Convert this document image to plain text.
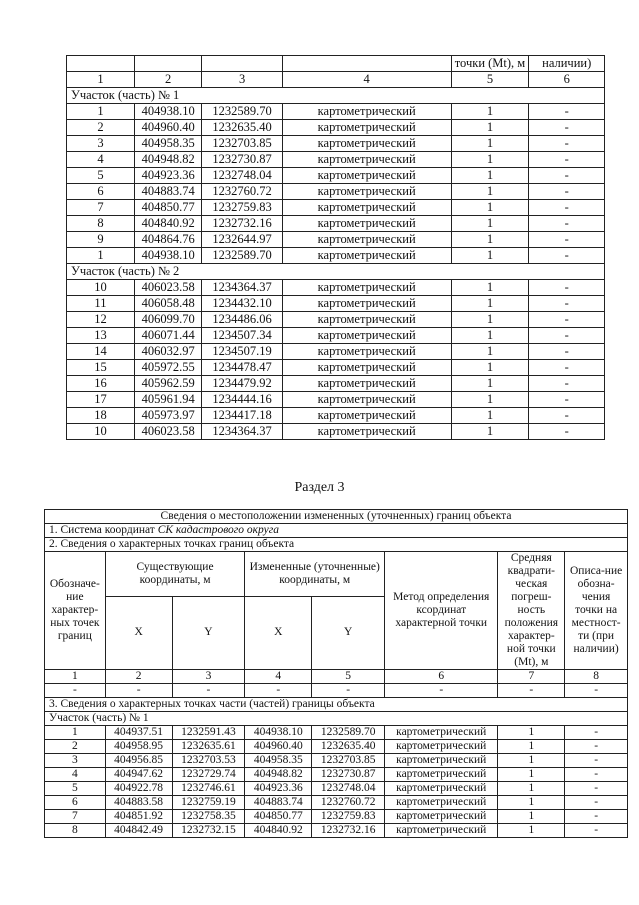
				точки (Mt), м	наличии)
1	2	3	4	5	6
Участок (часть) № 1					
1	404938.10	1232589.70	картометрический	1	-
2	404960.40	1232635.40	картометрический	1	-
3	404958.35	1232703.85	картометрический	1	-
4	404948.82	1232730.87	картометрический	1	-
5	404923.36	1232748.04	картометрический	1	-
6	404883.74	1232760.72	картометрический	1	-
7	404850.77	1232759.83	картометрический	1	-
8	404840.92	1232732.16	картометрический	1	-
9	404864.76	1232644.97	картометрический	1	-
1	404938.10	1232589.70	картометрический	1	-
Участок (часть) № 2					
10	406023.58	1234364.37	картометрический	1	-
11	406058.48	1234432.10	картометрический	1	-
12	406099.70	1234486.06	картометрический	1	-
13	406071.44	1234507.34	картометрический	1	-
14	406032.97	1234507.19	картометрический	1	-
15	405972.55	1234478.47	картометрический	1	-
16	405962.59	1234479.92	картометрический	1	-
17	405961.94	1234444.16	картометрический	1	-
18	405973.97	1234417.18	картометрический	1	-
10	406023.58	1234364.37	картометрический	1	-
Раздел 3
Сведения о местоположении измененных (уточненных) границ объекта							
1. Система координат СК кадастрового округа							
2. Сведения о характерных точках границ объекта							
Обозначе-ние характер-ных точек границ	Существующие координаты, м		Измененные (уточненные) координаты, м		Метод определения ксординат характерной точки	Средняя квадрати-ческая погреш-ность положения характер-ной точки (Mt), м	Описа-ние обозна-чения точки на местност-ти (при наличии)
	X	Y	X	Y			
1	2	3	4	5	6	7	8
-	-	-	-	-	-	-	-
3. Сведения о характерных точках части (частей) границы объекта							
Участок (часть) № 1							
1	404937.51	1232591.43	404938.10	1232589.70	картометрический	1	-
2	404958.95	1232635.61	404960.40	1232635.40	картометрический	1	-
3	404956.85	1232703.53	404958.35	1232703.85	картометрический	1	-
4	404947.62	1232729.74	404948.82	1232730.87	картометрический	1	-
5	404922.78	1232746.61	404923.36	1232748.04	картометрический	1	-
6	404883.58	1232759.19	404883.74	1232760.72	картометрический	1	-
7	404851.92	1232758.35	404850.77	1232759.83	картометрический	1	-
8	404842.49	1232732.15	404840.92	1232732.16	картометрический	1	-
